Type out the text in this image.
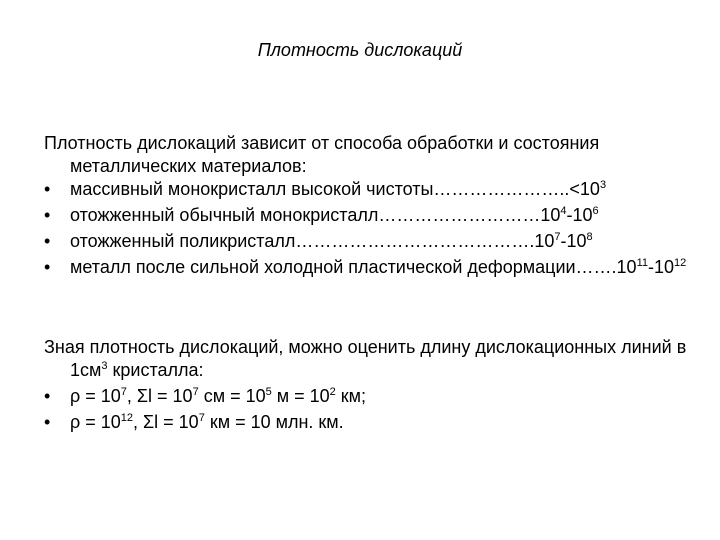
Плотность дислокаций
Плотность дислокаций зависит от способа обработки и состояния металлических материалов:
• массивный монокристалл высокой $чистоты\dots\dots\dots\dots\dots\dots\dots..<10^3$
• отожженный обычный $монокристалл\dots\dots\dots\dots\dots\dots\dots\dots\dots 10^4-10^6$
• отожженный $поликристалл\dots\dots\dots\dots\dots\dots\dots\dots\dots\dots\dots\dots\dots.10^7-10^8$
• металл после сильной холодной пластической $деформации\dots\dots.10^{11}-10^{12}$
Зная плотность дислокаций, можно оценить длину дислокационных линий в $1см^3$ кристалла:
• $\rho = 10^7$, $\Sigma l = 10^7$ см = $10^5$ $м = 10^2$ км;
• $\rho = 10^{12}$, $\Sigma l = 10^7$ км = 10 млн. км.
